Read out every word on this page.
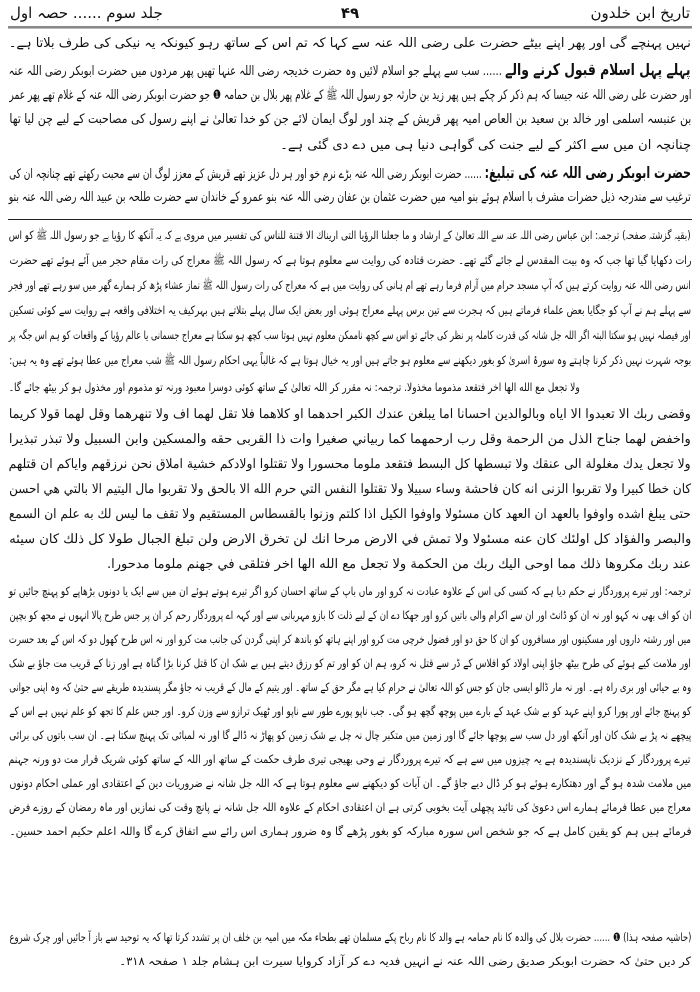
تاریخ ابن خلدون
۴۹
جلد سوم ...... حصہ اول
نہیں پہنچے گی اور پھر اپنے بیٹے حضرت علی رضی اللہ عنہ سے کہا کہ تم اس کے ساتھ رہو کیونکہ یہ نیکی کی طرف بلاتا ہے۔
پہلے پہل اسلام قبول کرنے والے ...... سب سے پہلے جو اسلام لائیں وہ حضرت خدیجہ رضی اللہ عنہا تھیں پھر مردوں میں حضرت ابوبکر رضی اللہ عنہ
اور حضرت علی رضی اللہ عنہ جیسا کہ ہم ذکر کر چکے ہیں پھر زید بن حارثہ جو رسول اللہ ﷺ کے غلام پھر بلال بن حمامہ ❶ جو حضرت ابوبکر رضی اللہ عنہ کے غلام تھے پھر عمر
بن عنبسہ اسلمی اور خالد بن سعید بن العاص امیہ پھر قریش کے چند اور لوگ ایمان لائے جن کو خدا تعالیٰ نے اپنے رسول کی مصاحبت کے لیے چن لیا تھا
چنانچہ ان میں سے اکثر کے لیے جنت کی گواہی دنیا ہی میں دے دی گئی ہے۔
حضرت ابوبکر رضی اللہ عنہ کی تبلیغ: ...... حضرت ابوبکر رضی اللہ عنہ بڑے نرم خو اور ہر دل عزیز تھے قریش کے معزز لوگ ان سے محبت رکھتے تھے چنانچہ ان کی
ترغیب سے مندرجہ ذیل حضرات مشرف با اسلام ہوئے بنو امیہ میں حضرت عثمان بن عفان رضی اللہ عنہ بنو عمرو کے خاندان سے حضرت طلحہ بن عبید اللہ رضی اللہ عنہ بنو
(بقیہ گزشتہ صفحہ) ترجمہ: ابن عباس رضی اللہ عنہ سے اللہ تعالیٰ کے ارشاد و ما جعلنا الرؤیا التی اریناك الا فتنة للناس کی تفسیر میں مروی ہے کہ یہ آنکھ کا رؤیا ہے جو رسول اللہ ﷺ کو اس
رات دکھایا گیا تھا جب کہ وہ بیت المقدس لے جائے گئے تھے۔ حضرت قتادہ کی روایت سے معلوم ہوتا ہے کہ رسول اللہ ﷺ معراج کی رات مقام حجر میں آئے ہوئے تھے حضرت
انس رضی اللہ عنہ روایت کرتے ہیں کہ آپ مسجد حرام میں آرام فرما رہے تھے ام ہانی کی روایت میں ہے کہ معراج کی رات رسول اللہ ﷺ نماز عشاء پڑھ کر ہمارے گھر میں سو رہے تھے اور فجر
سے پہلے ہم نے آپ کو جگایا بعض علماء فرماتے ہیں کہ ہجرت سے تین برس پہلے معراج ہوئی اور بعض ایک سال پہلے بتلاتے ہیں بہرکیف یہ اختلافی واقعہ ہے روایت سے کوئی تسکین
اور فیصلہ نہیں ہو سکتا البتہ اگر اللہ جل شانہ کی قدرت کاملہ پر نظر کی جائے تو اس سے کچھ ناممکن معلوم نہیں ہوتا سب کچھ ہو سکتا ہے معراج جسمانی یا عالم رؤیا کے واقعات کو ہم اس جگہ پر
بوجہ شہرت نہیں ذکر کرنا چاہتے وہ سورۂ اسریٰ کو بغور دیکھنے سے معلوم ہو جاتے ہیں اور یہ خیال ہوتا ہے کہ غالباً یہی احکام رسول اللہ ﷺ شب معراج میں عطا ہوئے تھے وہ یہ ہیں:
ولا تجعل مع الله الها اخر فتقعد مذموما مخذولا. ترجمہ: نہ مقرر کر اللہ تعالیٰ کے ساتھ کوئی دوسرا معبود ورنہ تو مذموم اور مخذول ہو کر بیٹھ جائے گا۔
وقضى ربك الا تعبدوا الا اياه وبالوالدين احسانا اما يبلغن عندك الكبر احدهما او كلاهما فلا تقل لهما اف ولا تنهرهما وقل لهما قولا كريما
واخفض لهما جناح الذل من الرحمة وقل رب ارحمهما كما ربياني صغيرا وات ذا القربى حقه والمسكين وابن السبيل ولا تبذر تبذيرا
ولا تجعل يدك مغلولة الى عنقك ولا تبسطها كل البسط فتقعد ملوما محسورا ولا تقتلوا اولادكم خشية املاق نحن نرزقهم واياكم ان قتلهم
كان خطا كبيرا ولا تقربوا الزنى انه كان فاحشة وساء سبيلا ولا تقتلوا النفس التي حرم الله الا بالحق ولا تقربوا مال اليتيم الا بالتي هي احسن
حتى يبلغ اشده واوفوا بالعهد ان العهد كان مسئولا واوفوا الكيل اذا كلتم وزنوا بالقسطاس المستقيم ولا تقف ما ليس لك به علم ان السمع
والبصر والفؤاد كل اولئك كان عنه مسئولا ولا تمش في الارض مرحا انك لن تخرق الارض ولن تبلغ الجبال طولا كل ذلك كان سيئه
عند ربك مكروها ذلك مما اوحى اليك ربك من الحكمة ولا تجعل مع الله الها اخر فتلقى في جهنم ملوما مدحورا.
ترجمہ: اور تیرے پروردگار نے حکم دیا ہے کہ کسی کی اس کے علاوہ عبادت نہ کرو اور ماں باپ کے ساتھ احسان کرو اگر تیرے ہوتے ہوئے ان میں سے ایک یا دونوں بڑھاپے کو پہنچ جائیں تو
ان کو اف بھی نہ کہو اور نہ ان کو ڈانٹ اور ان سے اکرام والی باتیں کرو اور جھکا دے ان کے لیے ذلت کا بازو مہربانی سے اور کہہ اے پروردگار رحم کر ان پر جس طرح پالا انہوں نے مجھ کو بچپن
میں اور رشتہ داروں اور مسکینوں اور مسافروں کو ان کا حق دو اور فضول خرچی مت کرو اور اپنے ہاتھ کو باندھ کر اپنی گردن کی جانب مت کرو اور نہ اس طرح کھول دو کہ اس کے بعد حسرت
اور ملامت کیے ہوئے کی طرح بیٹھ جاؤ اپنی اولاد کو افلاس کے ڈر سے قتل نہ کرو، ہم ان کو اور تم کو رزق دیتے ہیں بے شک ان کا قتل کرنا بڑا گناہ ہے اور زنا کے قریب مت جاؤ بے شک
وہ بے حیائی اور بری راہ ہے۔ اور نہ مار ڈالو ایسی جان کو جس کو اللہ تعالیٰ نے حرام کیا ہے مگر حق کے ساتھ۔ اور یتیم کے مال کے قریب نہ جاؤ مگر پسندیدہ طریقے سے حتیٰ کہ وہ اپنی جوانی
کو پہنچ جائے اور پورا کرو اپنے عہد کو بے شک عہد کے بارے میں پوچھ گچھ ہو گی۔ جب ناپو پورے طور سے ناپو اور ٹھیک ترازو سے وزن کرو۔ اور جس علم کا تجھ کو علم نہیں ہے اس کے
پیچھے نہ پڑ بے شک کان اور آنکھ اور دل سب سے پوچھا جائے گا اور زمین میں متکبر چال نہ چل بے شک زمین کو پھاڑ نہ ڈالے گا اور نہ لمبائی تک پہنچ سکتا ہے۔ ان سب باتوں کی برائی
تیرے پروردگار کے نزدیک ناپسندیدہ ہے یہ چیزوں میں سے ہے کہ تیرے پروردگار نے وحی بھیجی تیری طرف حکمت کے ساتھ اور اللہ کے ساتھ کوئی شریک قرار مت دو ورنہ جہنم
میں ملامت شدہ ہو گے اور دھتکارے ہوئے ہو کر ڈال دیے جاؤ گے۔ ان آیات کو دیکھنے سے معلوم ہوتا ہے کہ اللہ جل شانہ نے ضروریات دین کے اعتقادی اور عملی احکام دونوں
معراج میں عطا فرمائے ہمارے اس دعویٰ کی تائید پچھلی آیت بخوبی کرتی ہے ان اعتقادی احکام کے علاوہ اللہ جل شانہ نے پانچ وقت کی نمازیں اور ماہ رمضان کے روزے فرض
فرمائے ہیں ہم کو یقین کامل ہے کہ جو شخص اس سورہ مبارکہ کو بغور پڑھے گا وہ ضرور ہماری اس رائے سے اتفاق کرے گا واللہ اعلم حکیم احمد حسین۔
(حاشیہ صفحہ ہذا) ❶ ...... حضرت بلال کی والدہ کا نام حمامہ ہے والد کا نام رباح پکے مسلمان تھے بطحاء مکہ میں امیہ بن خلف ان پر تشدد کرتا تھا کہ یہ توحید سے باز آ جائیں اور چرک شروع
کر دیں حتیٰ کہ حضرت ابوبکر صدیق رضی اللہ عنہ نے انہیں فدیہ دے کر آزاد کروایا سیرت ابن ہشام جلد ۱ صفحہ ۳۱۸۔
